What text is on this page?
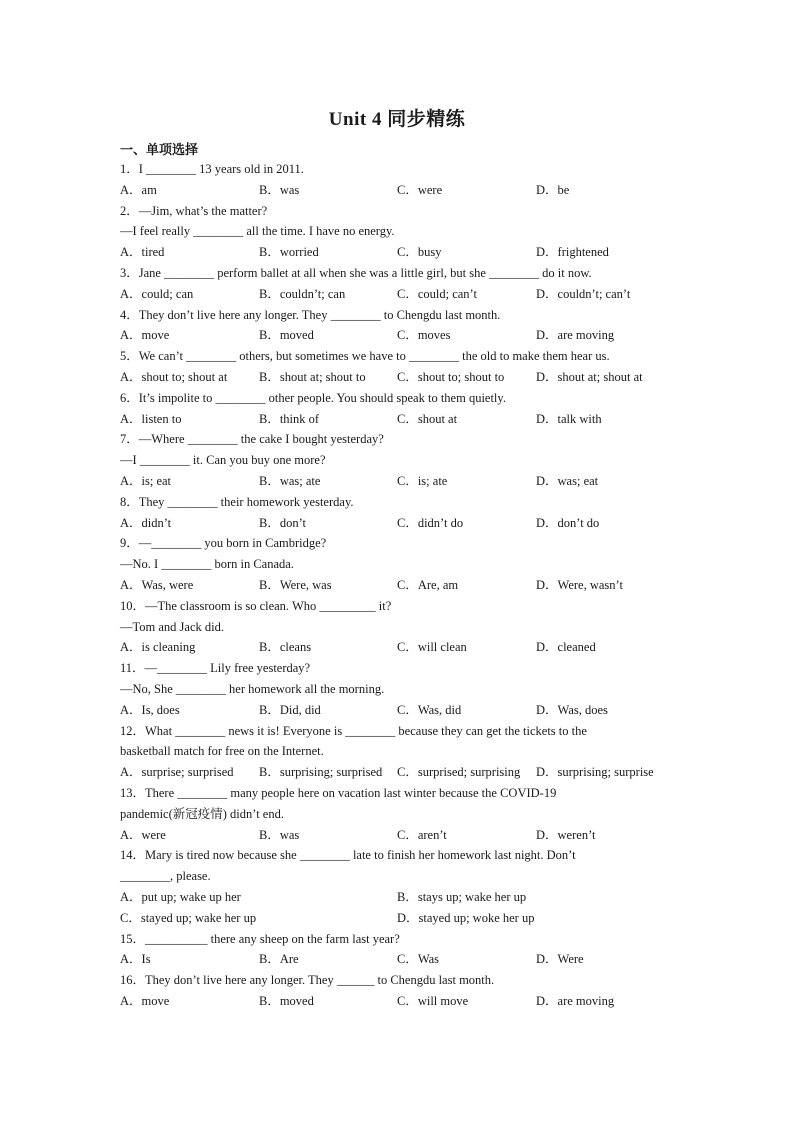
Unit 4 同步精练
一、单项选择
1．I ________ 13 years old in 2011.
A．am	B．was	C．were	D．be
2．—Jim, what’s the matter?
—I feel really ________ all the time. I have no energy.
A．tired	B．worried	C．busy	D．frightened
3．Jane ________ perform ballet at all when she was a little girl, but she ________ do it now.
A．could; can	B．couldn’t; can	C．could; can’t	D．couldn’t; can’t
4．They don’t live here any longer. They ________ to Chengdu last month.
A．move	B．moved	C．moves	D．are moving
5．We can’t ________ others, but sometimes we have to ________ the old to make them hear us.
A．shout to; shout at	B．shout at; shout to	C．shout to; shout to	D．shout at; shout at
6．It’s impolite to ________ other people. You should speak to them quietly.
A．listen to	B．think of	C．shout at	D．talk with
7．—Where ________ the cake I bought yesterday?
—I ________ it. Can you buy one more?
A．is; eat	B．was; ate	C．is; ate	D．was; eat
8．They ________ their homework yesterday.
A．didn’t	B．don’t	C．didn’t do	D．don’t do
9．—________ you born in Cambridge?
—No. I ________ born in Canada.
A．Was, were	B．Were, was	C．Are, am	D．Were, wasn’t
10．—The classroom is so clean. Who _________ it?
—Tom and Jack did.
A．is cleaning	B．cleans	C．will clean	D．cleaned
11．—________ Lily free yesterday?
—No, She ________ her homework all the morning.
A．Is, does	B．Did, did	C．Was, did	D．Was, does
12．What ________ news it is! Everyone is ________ because they can get the tickets to the
basketball match for free on the Internet.
A．surprise; surprised B．surprising; surprised C．surprised; surprising D．surprising; surprise
13．There ________ many people here on vacation last winter because the COVID-19
pandemic(新冠疫情) didn’t end.
A．were	B．was	C．aren’t	D．weren’t
14．Mary is tired now because she ________ late to finish her homework last night. Don’t
________, please.
A．put up; wake up her	B．stays up; wake her up
C．stayed up; wake her up	D．stayed up; woke her up
15．__________ there any sheep on the farm last year?
A．Is	B．Are	C．Was	D．Were
16．They don’t live here any longer. They ______ to Chengdu last month.
A．move	B．moved	C．will move	D．are moving
